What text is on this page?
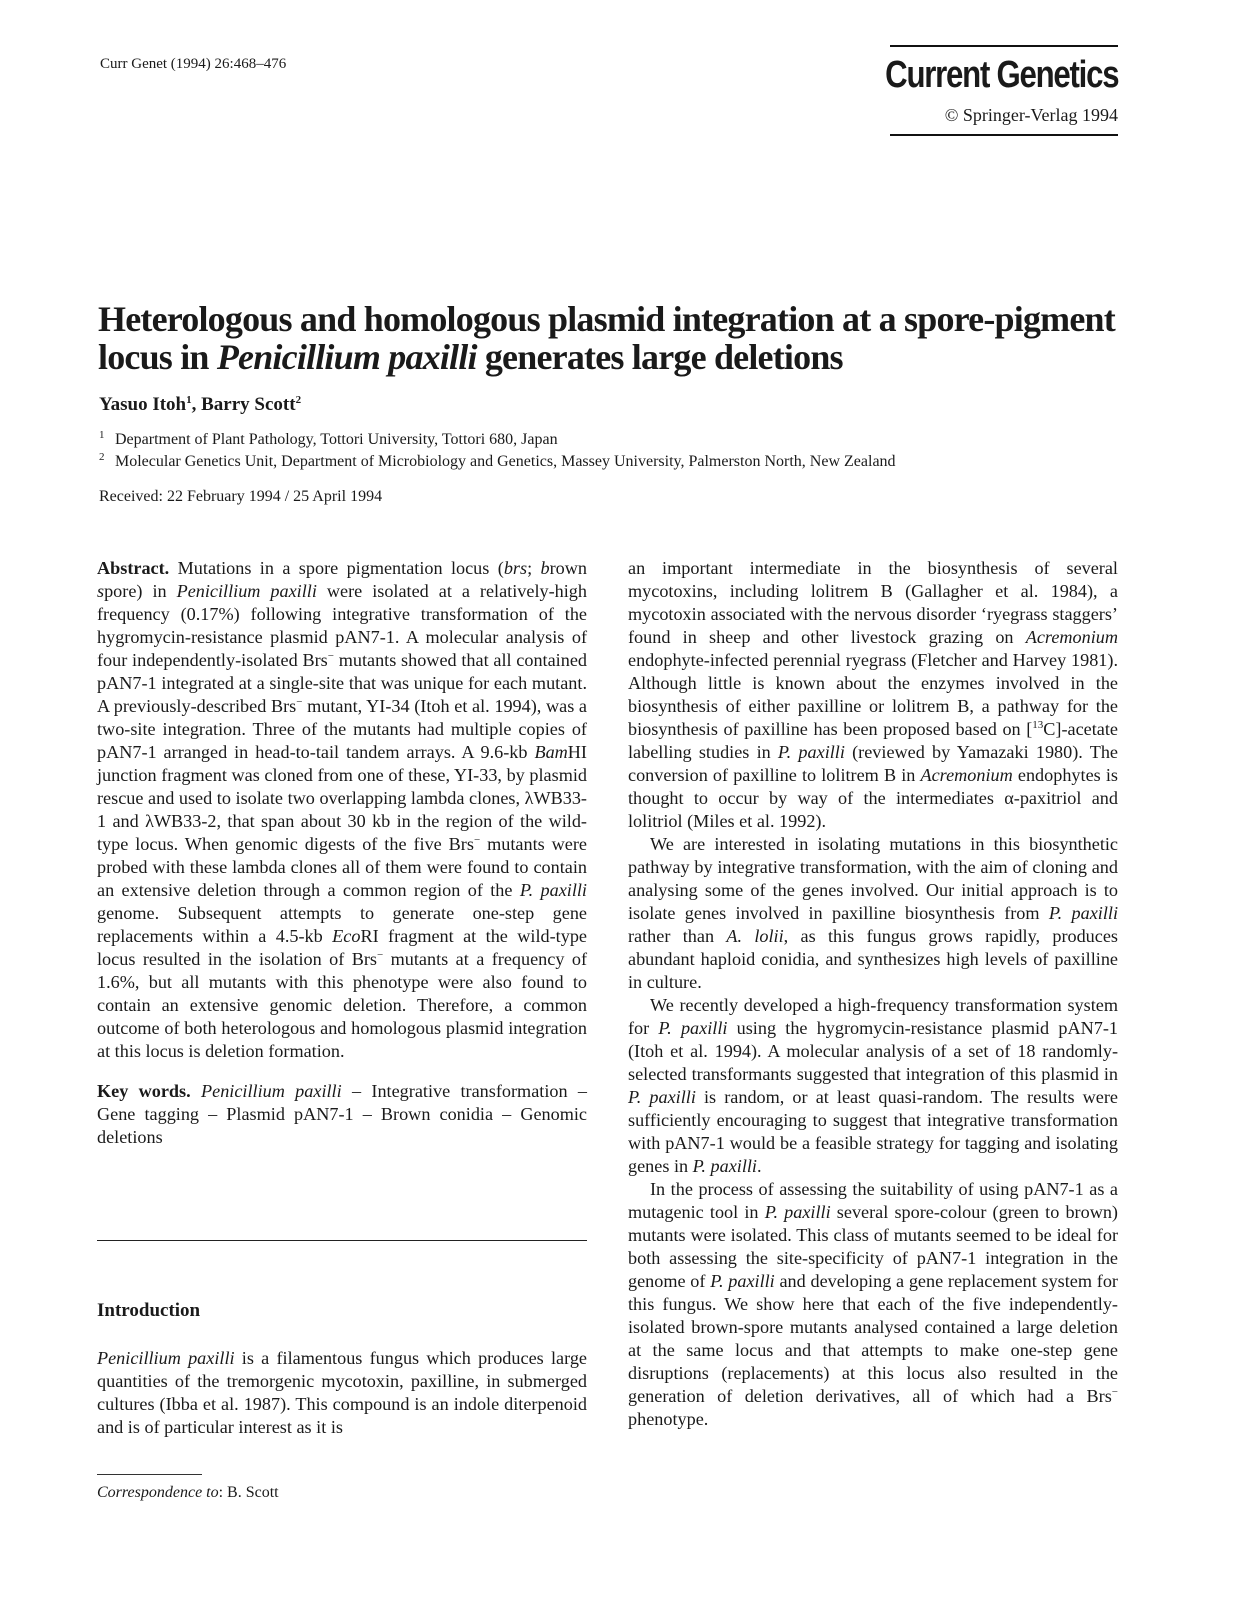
Curr Genet (1994) 26:468–476	Current Genetics
© Springer-Verlag 1994
Heterologous and homologous plasmid integration at a spore-pigment locus in Penicillium paxilli generates large deletions
Yasuo Itoh$^1$, Barry Scott$^2$
1 Department of Plant Pathology, Tottori University, Tottori 680, Japan
2 Molecular Genetics Unit, Department of Microbiology and Genetics, Massey University, Palmerston North, New Zealand
Received: 22 February 1994 / 25 April 1994

Abstract. Mutations in a spore pigmentation locus (brs; brown spore) in Penicillium paxilli were isolated at a relatively-high frequency (0.17%) following integrative transformation of the hygromycin-resistance plasmid pAN7-1. A molecular analysis of four independently-isolated Brs− mutants showed that all contained pAN7-1 integrated at a single-site that was unique for each mutant. A previously-described Brs− mutant, YI-34 (Itoh et al. 1994), was a two-site integration. Three of the mutants had multiple copies of pAN7-1 arranged in head-to-tail tandem arrays. A 9.6-kb BamHI junction fragment was cloned from one of these, YI-33, by plasmid rescue and used to isolate two overlapping lambda clones, λWB33-1 and λWB33-2, that span about 30 kb in the region of the wild-type locus. When genomic digests of the five Brs− mutants were probed with these lambda clones all of them were found to contain an extensive deletion through a common region of the P. paxilli genome. Subsequent attempts to generate one-step gene replacements within a 4.5-kb EcoRI fragment at the wild-type locus resulted in the isolation of Brs− mutants at a frequency of 1.6%, but all mutants with this phenotype were also found to contain an extensive genomic deletion. Therefore, a common outcome of both heterologous and homologous plasmid integration at this locus is deletion formation.

Key words. Penicillium paxilli – Integrative transformation – Gene tagging – Plasmid pAN7-1 – Brown conidia – Genomic deletions

Introduction

Penicillium paxilli is a filamentous fungus which produces large quantities of the tremorgenic mycotoxin, paxilline, in submerged cultures (Ibba et al. 1987). This compound is an indole diterpenoid and is of particular interest as it is

Correspondence to: B. Scott

an important intermediate in the biosynthesis of several mycotoxins, including lolitrem B (Gallagher et al. 1984), a mycotoxin associated with the nervous disorder ‘ryegrass staggers’ found in sheep and other livestock grazing on Acremonium endophyte-infected perennial ryegrass (Fletcher and Harvey 1981). Although little is known about the enzymes involved in the biosynthesis of either paxilline or lolitrem B, a pathway for the biosynthesis of paxilline has been proposed based on [$^{13}$C]-acetate labelling studies in P. paxilli (reviewed by Yamazaki 1980). The conversion of paxilline to lolitrem B in Acremonium endophytes is thought to occur by way of the intermediates α-paxitriol and lolitriol (Miles et al. 1992).

We are interested in isolating mutations in this biosynthetic pathway by integrative transformation, with the aim of cloning and analysing some of the genes involved. Our initial approach is to isolate genes involved in paxilline biosynthesis from P. paxilli rather than A. lolii, as this fungus grows rapidly, produces abundant haploid conidia, and synthesizes high levels of paxilline in culture.

We recently developed a high-frequency transformation system for P. paxilli using the hygromycin-resistance plasmid pAN7-1 (Itoh et al. 1994). A molecular analysis of a set of 18 randomly-selected transformants suggested that integration of this plasmid in P. paxilli is random, or at least quasi-random. The results were sufficiently encouraging to suggest that integrative transformation with pAN7-1 would be a feasible strategy for tagging and isolating genes in P. paxilli.

In the process of assessing the suitability of using pAN7-1 as a mutagenic tool in P. paxilli several spore-colour (green to brown) mutants were isolated. This class of mutants seemed to be ideal for both assessing the site-specificity of pAN7-1 integration in the genome of P. paxilli and developing a gene replacement system for this fungus. We show here that each of the five independently-isolated brown-spore mutants analysed contained a large deletion at the same locus and that attempts to make one-step gene disruptions (replacements) at this locus also resulted in the generation of deletion derivatives, all of which had a Brs− phenotype.
